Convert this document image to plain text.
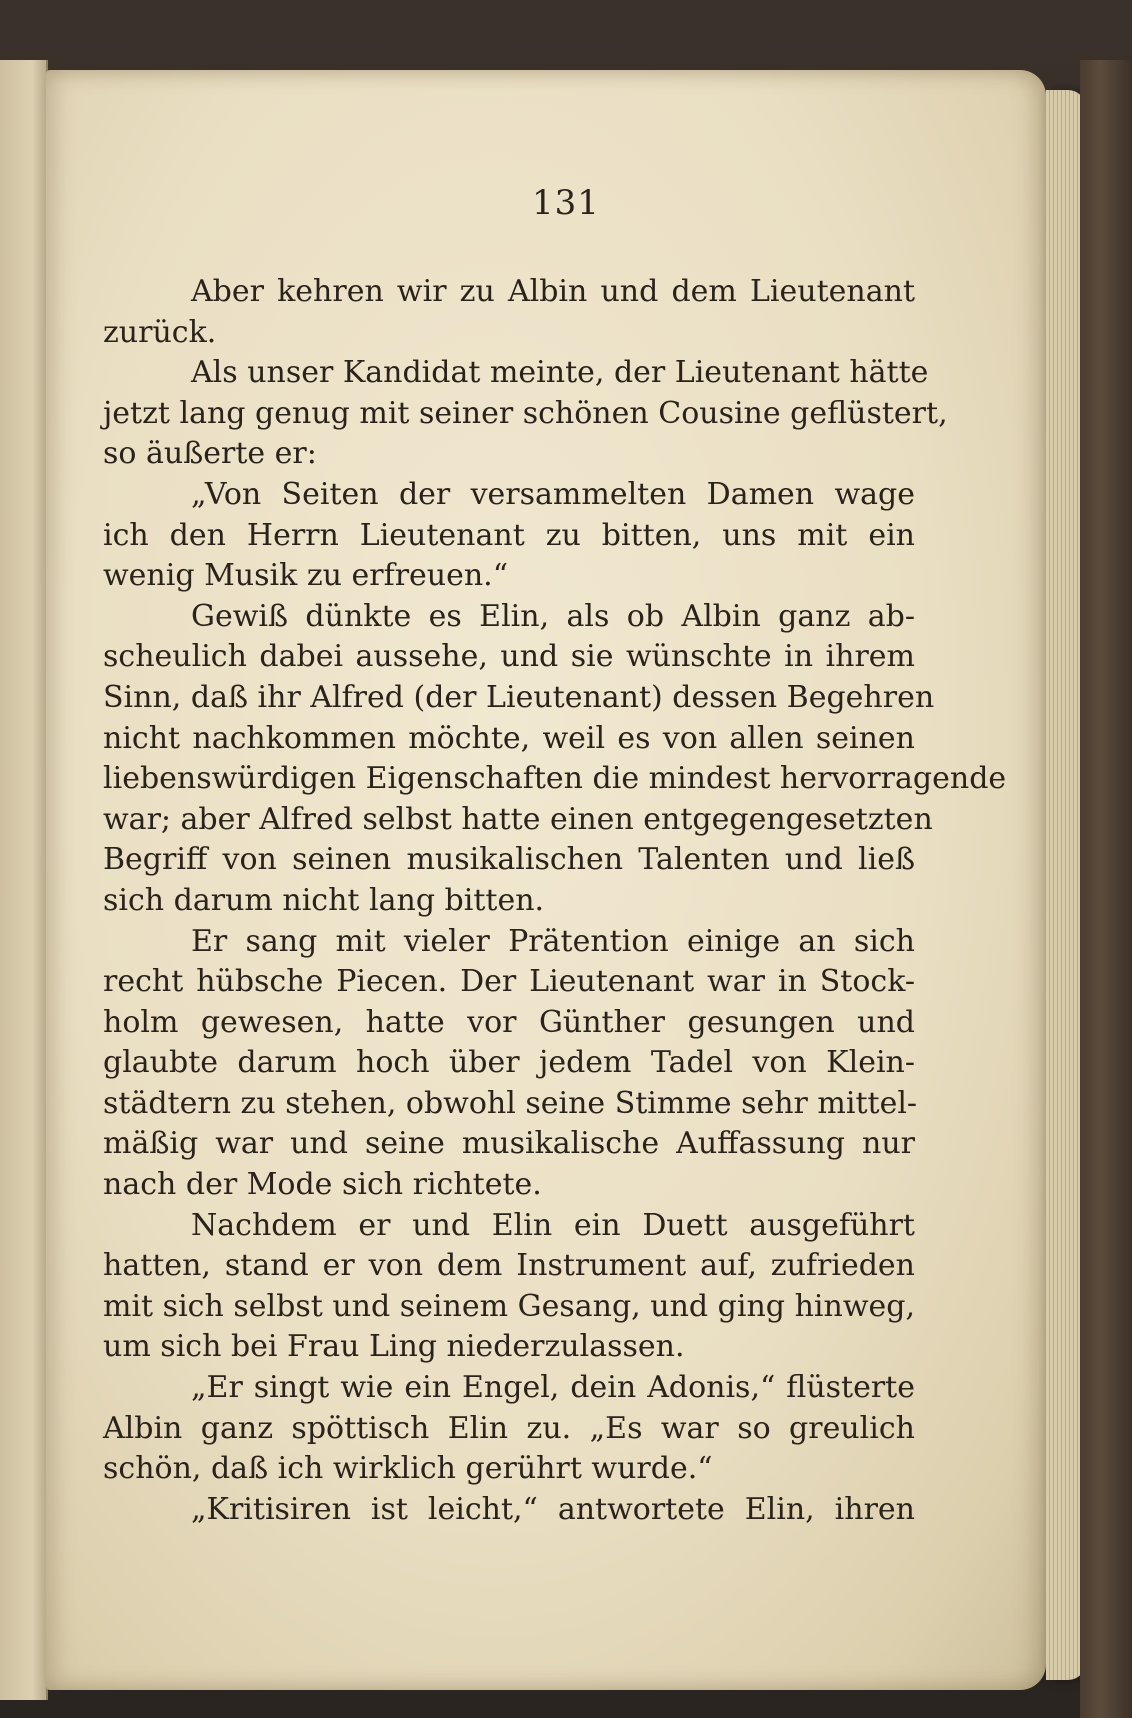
131
Aber kehren wir zu Albin und dem Lieutenant
zurück.
Als unser Kandidat meinte, der Lieutenant hätte
jetzt lang genug mit seiner schönen Cousine geflüstert,
so äußerte er:
„Von Seiten der versammelten Damen wage
ich den Herrn Lieutenant zu bitten, uns mit ein
wenig Musik zu erfreuen.“
Gewiß dünkte es Elin, als ob Albin ganz ab-
scheulich dabei aussehe, und sie wünschte in ihrem
Sinn, daß ihr Alfred (der Lieutenant) dessen Begehren
nicht nachkommen möchte, weil es von allen seinen
liebenswürdigen Eigenschaften die mindest hervorragende
war; aber Alfred selbst hatte einen entgegengesetzten
Begriff von seinen musikalischen Talenten und ließ
sich darum nicht lang bitten.
Er sang mit vieler Prätention einige an sich
recht hübsche Piecen. Der Lieutenant war in Stock-
holm gewesen, hatte vor Günther gesungen und
glaubte darum hoch über jedem Tadel von Klein-
städtern zu stehen, obwohl seine Stimme sehr mittel-
mäßig war und seine musikalische Auffassung nur
nach der Mode sich richtete.
Nachdem er und Elin ein Duett ausgeführt
hatten, stand er von dem Instrument auf, zufrieden
mit sich selbst und seinem Gesang, und ging hinweg,
um sich bei Frau Ling niederzulassen.
„Er singt wie ein Engel, dein Adonis,“ flüsterte
Albin ganz spöttisch Elin zu. „Es war so greulich
schön, daß ich wirklich gerührt wurde.“
„Kritisiren ist leicht,“ antwortete Elin, ihren
